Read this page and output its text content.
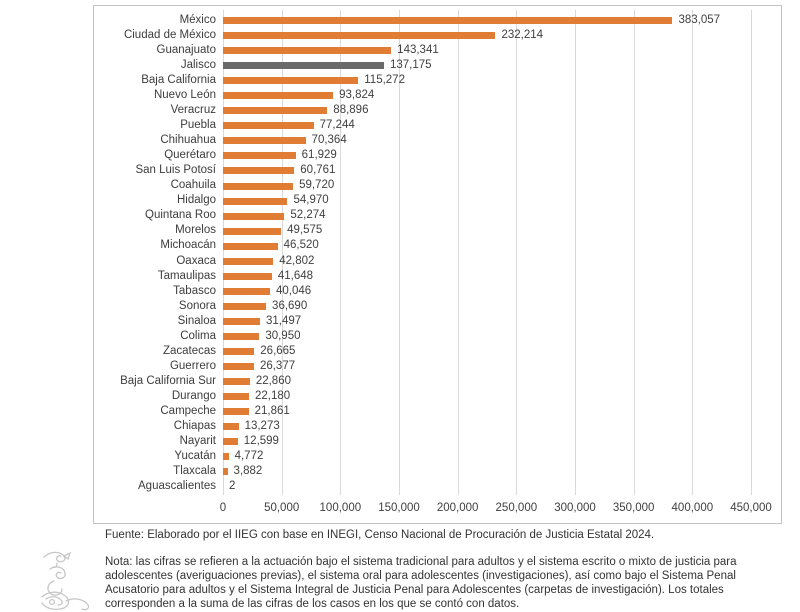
México	383,057
Ciudad de México	232,214
Guanajuato	143,341
Jalisco	137,175
Baja California	115,272
Nuevo León	93,824
Veracruz	88,896
Puebla	77,244
Chihuahua	70,364
Querétaro	61,929
San Luis Potosí	60,761
Coahuila	59,720
Hidalgo	54,970
Quintana Roo	52,274
Morelos	49,575
Michoacán	46,520
Oaxaca	42,802
Tamaulipas	41,648
Tabasco	40,046
Sonora	36,690
Sinaloa	31,497
Colima	30,950
Zacatecas	26,665
Guerrero	26,377
Baja California Sur	22,860
Durango	22,180
Campeche	21,861
Chiapas	13,273
Nayarit	12,599
Yucatán	4,772
Tlaxcala	3,882
Aguascalientes	2
0	50,000 100,000 150,000 200,000 250,000 300,000 350,000 400,000 450,000
Fuente: Elaborado por el IIEG con base en INEGI, Censo Nacional de Procuración de Justicia Estatal 2024.
Nota: las cifras se refieren a la actuación bajo el sistema tradicional para adultos y el sistema escrito o mixto de justicia para adolescentes (averiguaciones previas), el sistema oral para adolescentes (investigaciones), así como bajo el Sistema Penal Acusatorio para adultos y el Sistema Integral de Justicia Penal para Adolescentes (carpetas de investigación). Los totales corresponden a la suma de las cifras de los casos en los que se contó con datos.
